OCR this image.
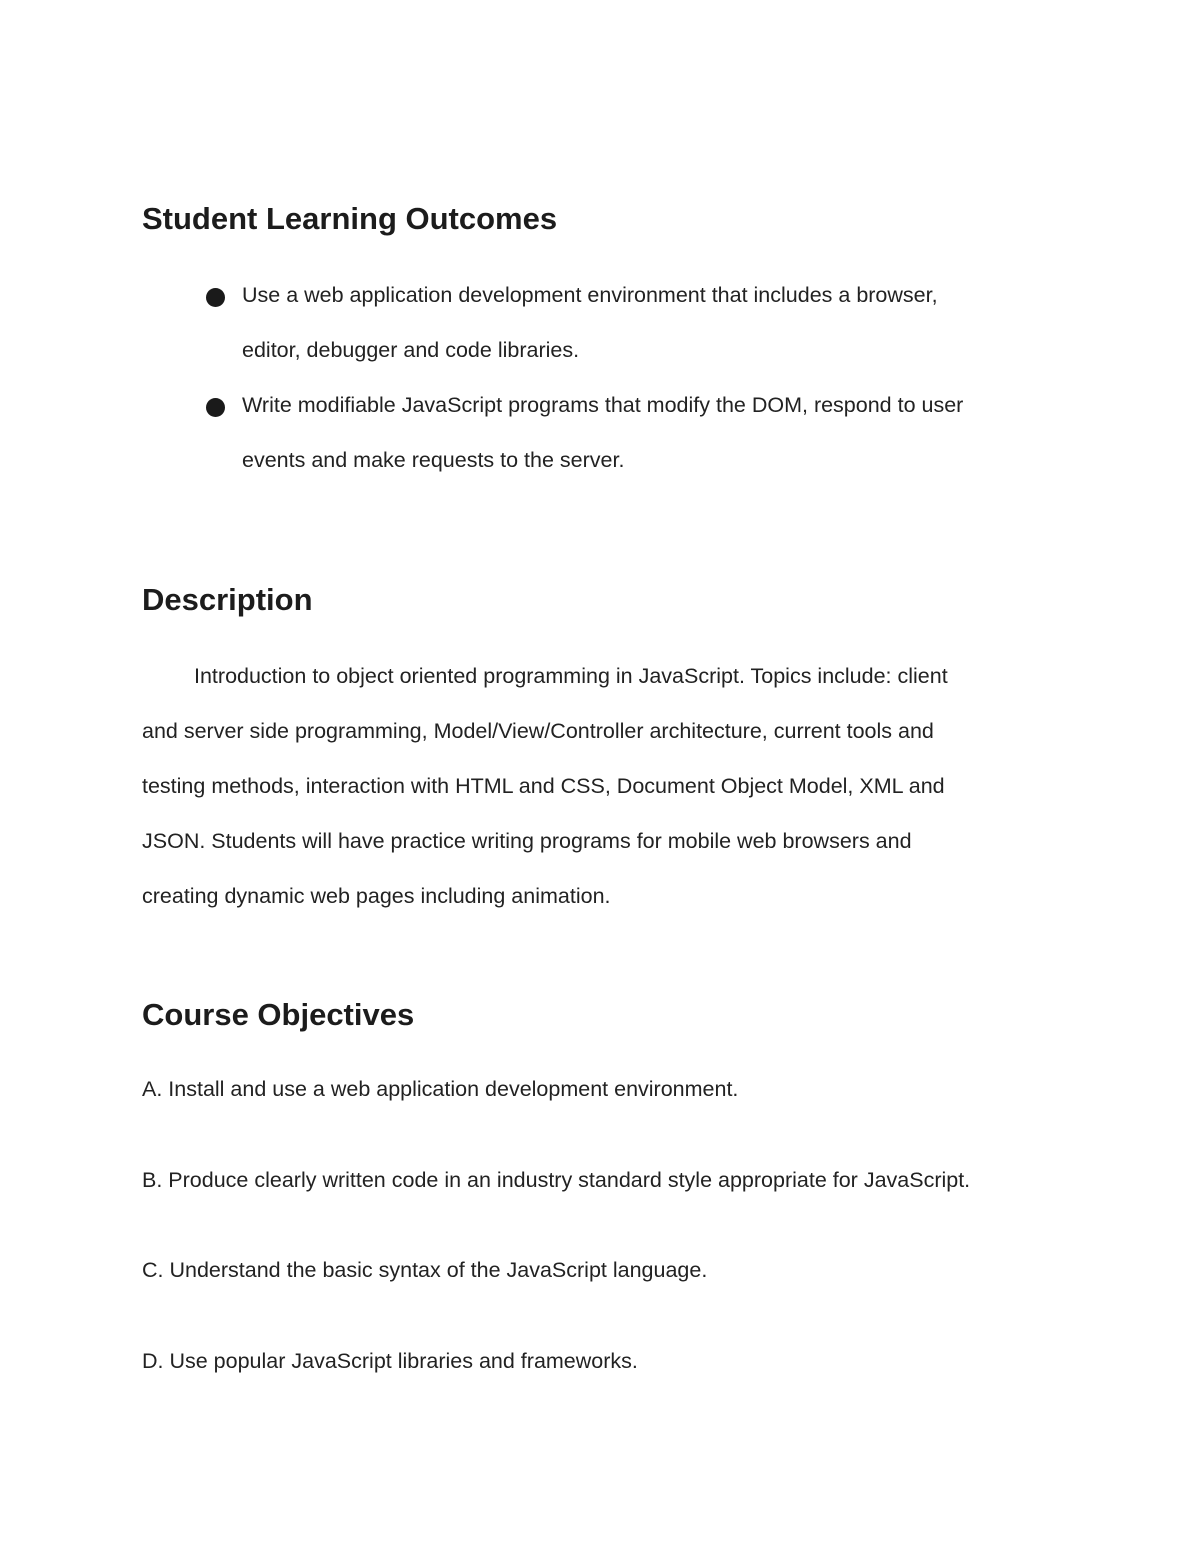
Student Learning Outcomes
Use a web application development environment that includes a browser,
editor, debugger and code libraries.
Write modifiable JavaScript programs that modify the DOM, respond to user
events and make requests to the server.
Description
Introduction to object oriented programming in JavaScript. Topics include: client
and server side programming, Model/View/Controller architecture, current tools and
testing methods, interaction with HTML and CSS, Document Object Model, XML and
JSON. Students will have practice writing programs for mobile web browsers and
creating dynamic web pages including animation.
Course Objectives
A. Install and use a web application development environment.
B. Produce clearly written code in an industry standard style appropriate for JavaScript.
C. Understand the basic syntax of the JavaScript language.
D. Use popular JavaScript libraries and frameworks.
